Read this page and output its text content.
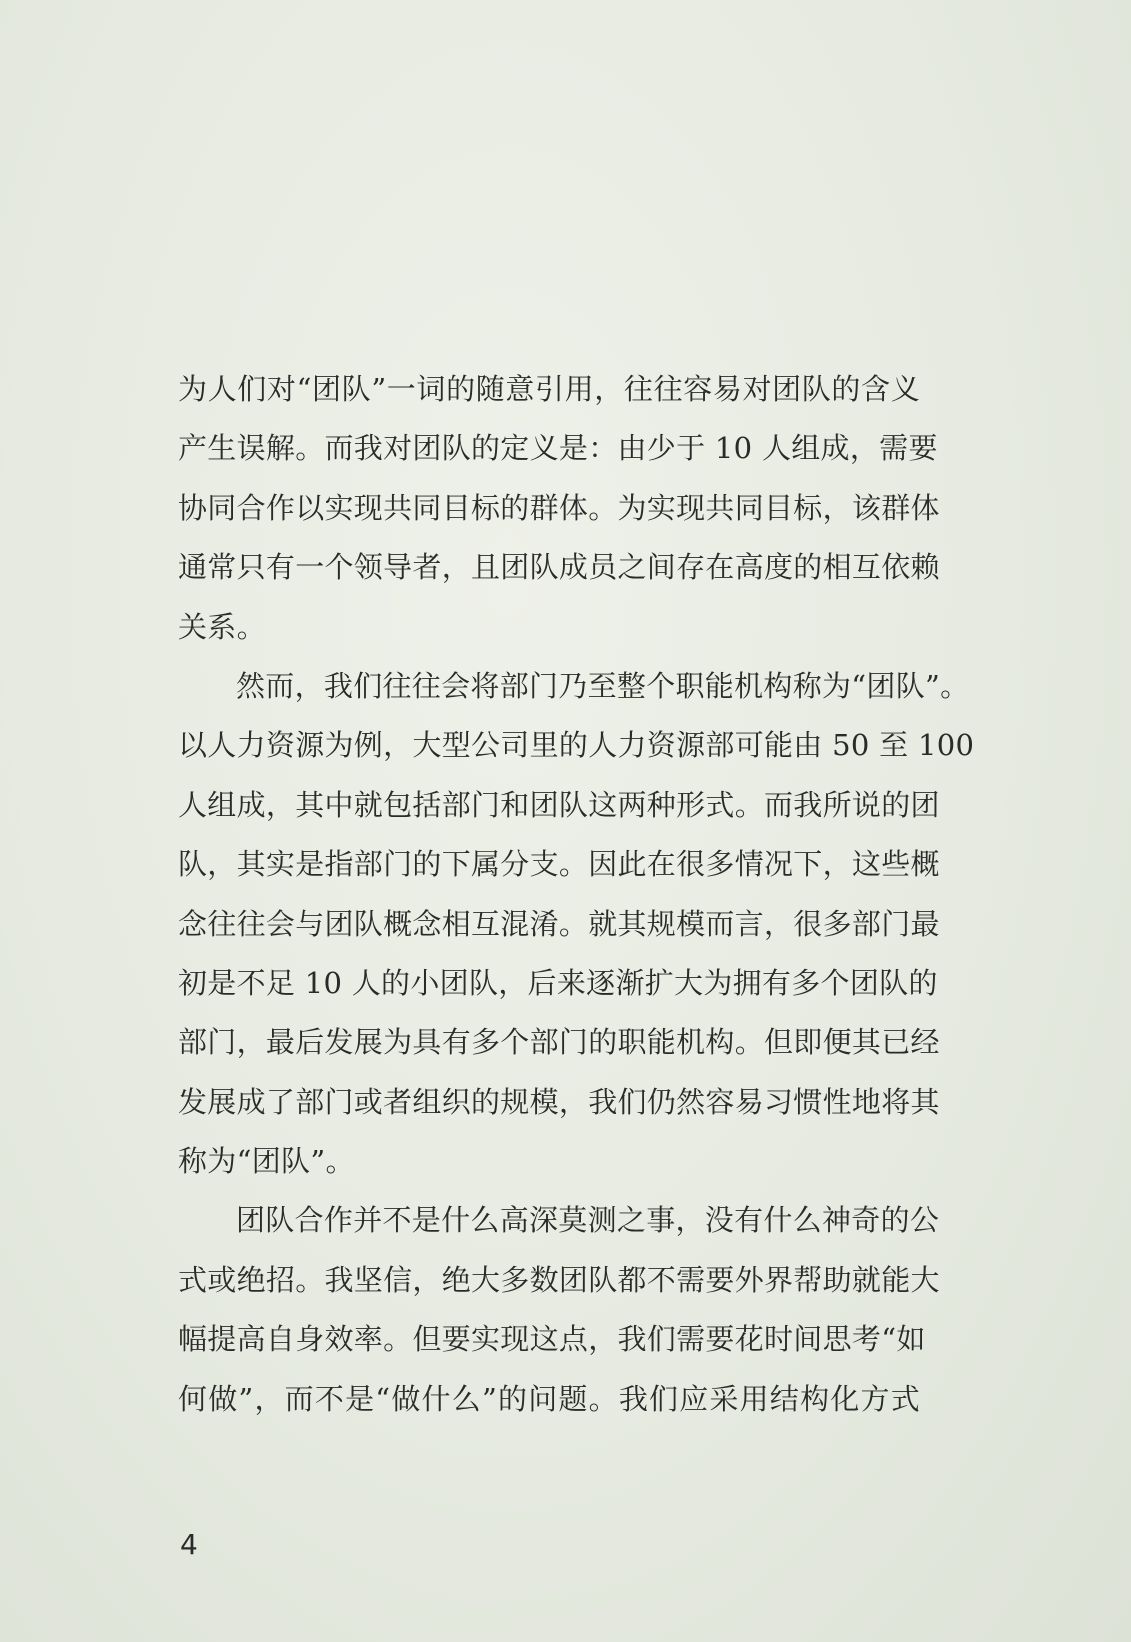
为人们对“团队”一词的随意引用，往往容易对团队的含义
产生误解。而我对团队的定义是：由少于 10 人组成，需要
协同合作以实现共同目标的群体。为实现共同目标，该群体
通常只有一个领导者，且团队成员之间存在高度的相互依赖
关系。
然而，我们往往会将部门乃至整个职能机构称为“团队”。
以人力资源为例，大型公司里的人力资源部可能由 50 至 100
人组成，其中就包括部门和团队这两种形式。而我所说的团
队，其实是指部门的下属分支。因此在很多情况下，这些概
念往往会与团队概念相互混淆。就其规模而言，很多部门最
初是不足 10 人的小团队，后来逐渐扩大为拥有多个团队的
部门，最后发展为具有多个部门的职能机构。但即便其已经
发展成了部门或者组织的规模，我们仍然容易习惯性地将其
称为“团队”。
团队合作并不是什么高深莫测之事，没有什么神奇的公
式或绝招。我坚信，绝大多数团队都不需要外界帮助就能大
幅提高自身效率。但要实现这点，我们需要花时间思考“如
何做”，而不是“做什么”的问题。我们应采用结构化方式
4
